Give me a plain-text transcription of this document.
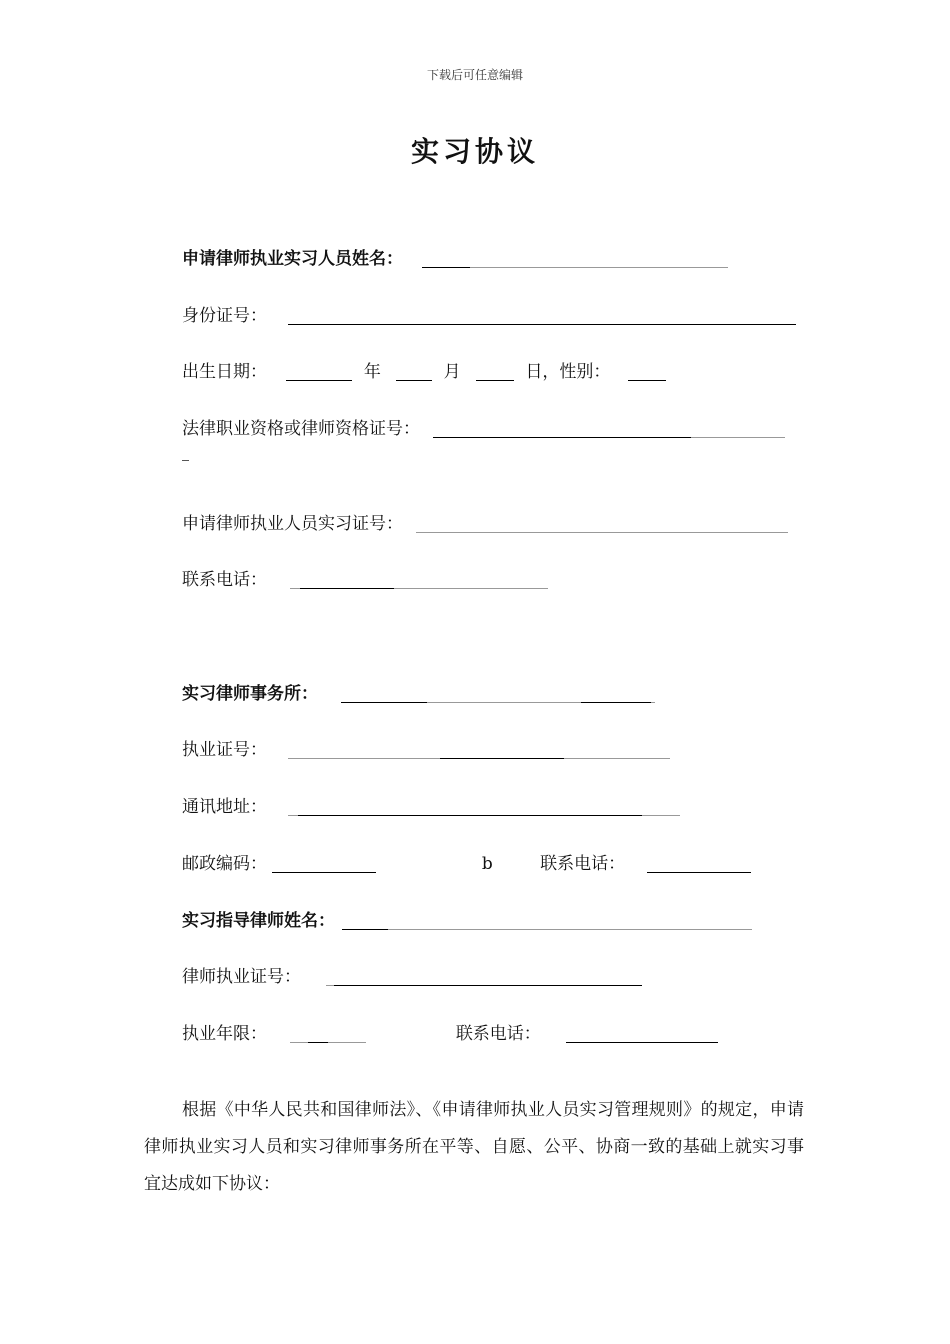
下载后可任意编辑
实习协议
申请律师执业实习人员姓名：
身份证号：
出生日期：	年	月	日，性别：
法律职业资格或律师资格证号：
申请律师执业人员实习证号：
联系电话：
实习律师事务所：
执业证号：
通讯地址：
邮政编码：	b	联系电话：
实习指导律师姓名：
律师执业证号：
执业年限：	联系电话：

根据《中华人民共和国律师法》、《申请律师执业人员实习管理规则》的规定，申请律师执业实习人员和实习律师事务所在平等、自愿、公平、协商一致的基础上就实习事宜达成如下协议：
